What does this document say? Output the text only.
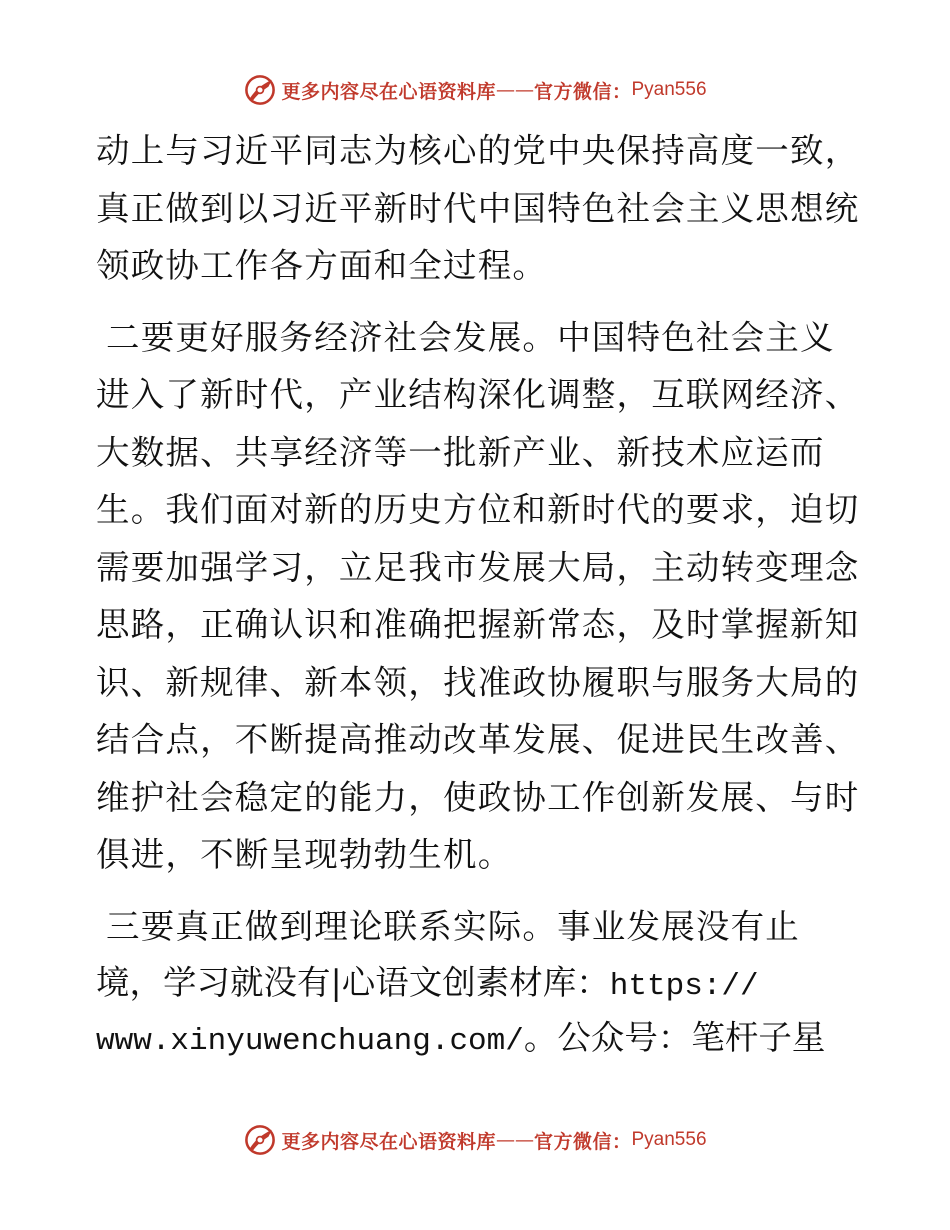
更多内容尽在心语资料库 —— 官方微信： Pyan556
动上与习近平同志为核心的党中央保持高度一致，
真正做到以习近平新时代中国特色社会主义思想统
领政协工作各方面和全过程。
二要更好服务经济社会发展。中国特色社会主义
进入了新时代，产业结构深化调整，互联网经济、
大数据、共享经济等一批新产业、新技术应运而
生。我们面对新的历史方位和新时代的要求，迫切
需要加强学习，立足我市发展大局，主动转变理念
思路，正确认识和准确把握新常态，及时掌握新知
识、新规律、新本领，找准政协履职与服务大局的
结合点，不断提高推动改革发展、促进民生改善、
维护社会稳定的能力，使政协工作创新发展、与时
俱进，不断呈现勃勃生机。
三要真正做到理论联系实际。事业发展没有止
境，学习就没有|心语文创素材库：https://
www.xinyuwenchuang.com/。公众号：笔杆子星
更多内容尽在心语资料库 —— 官方微信： Pyan556
